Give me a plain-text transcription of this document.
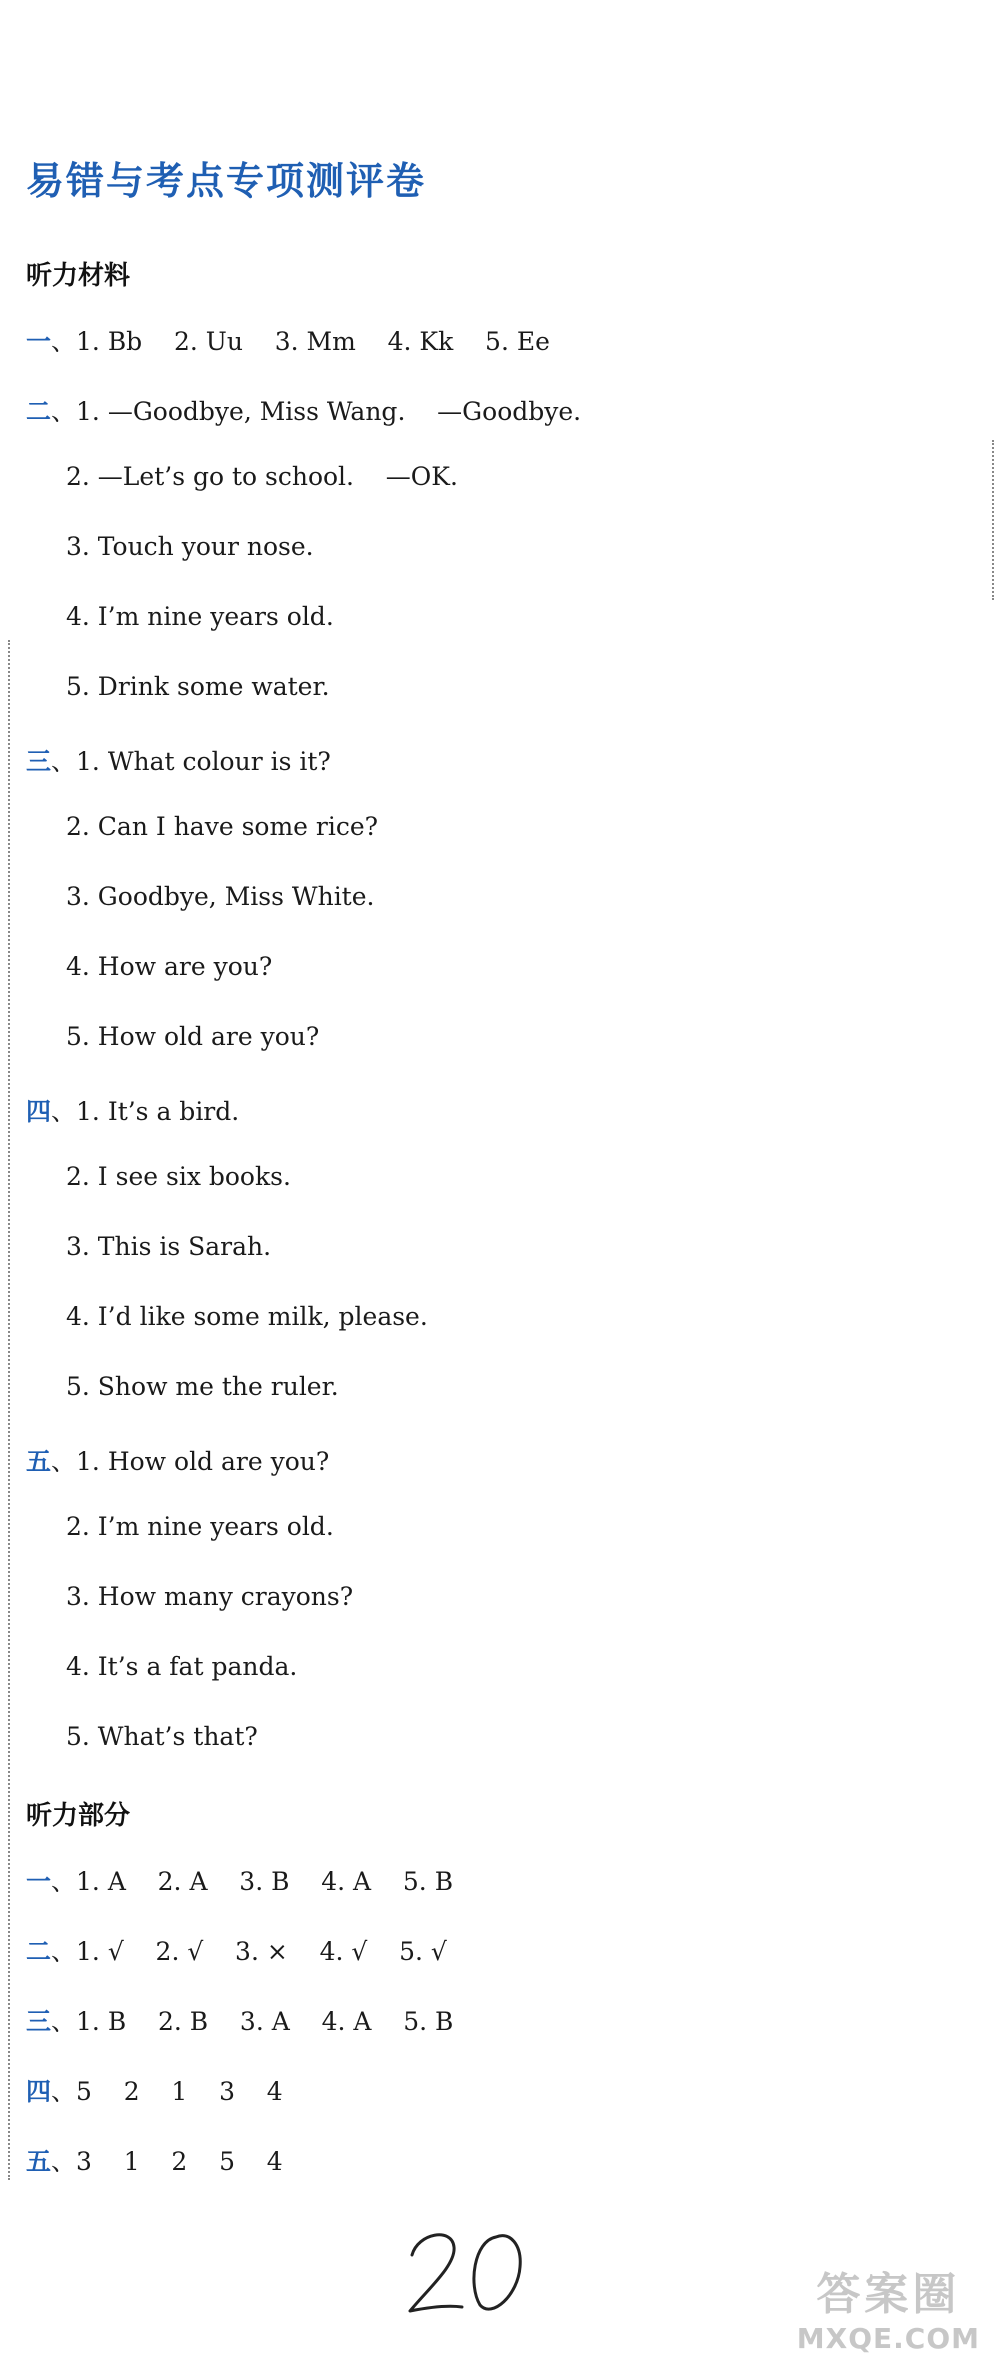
易错与考点专项测评卷
听力材料
一、1. Bb    2. Uu    3. Mm    4. Kk    5. Ee
二、1. —Goodbye, Miss Wang.    —Goodbye.
2. —Let’s go to school.    —OK.
3. Touch your nose.
4. I’m nine years old.
5. Drink some water.
三、1. What colour is it?
2. Can I have some rice?
3. Goodbye, Miss White.
4. How are you?
5. How old are you?
四、1. It’s a bird.
2. I see six books.
3. This is Sarah.
4. I’d like some milk, please.
5. Show me the ruler.
五、1. How old are you?
2. I’m nine years old.
3. How many crayons?
4. It’s a fat panda.
5. What’s that?
听力部分
一、1. A    2. A    3. B    4. A    5. B
二、1. √    2. √    3. ×    4. √    5. √
三、1. B    2. B    3. A    4. A    5. B
四、5    2    1    3    4
五、3    1    2    5    4
答案圈
MXQE.COM
